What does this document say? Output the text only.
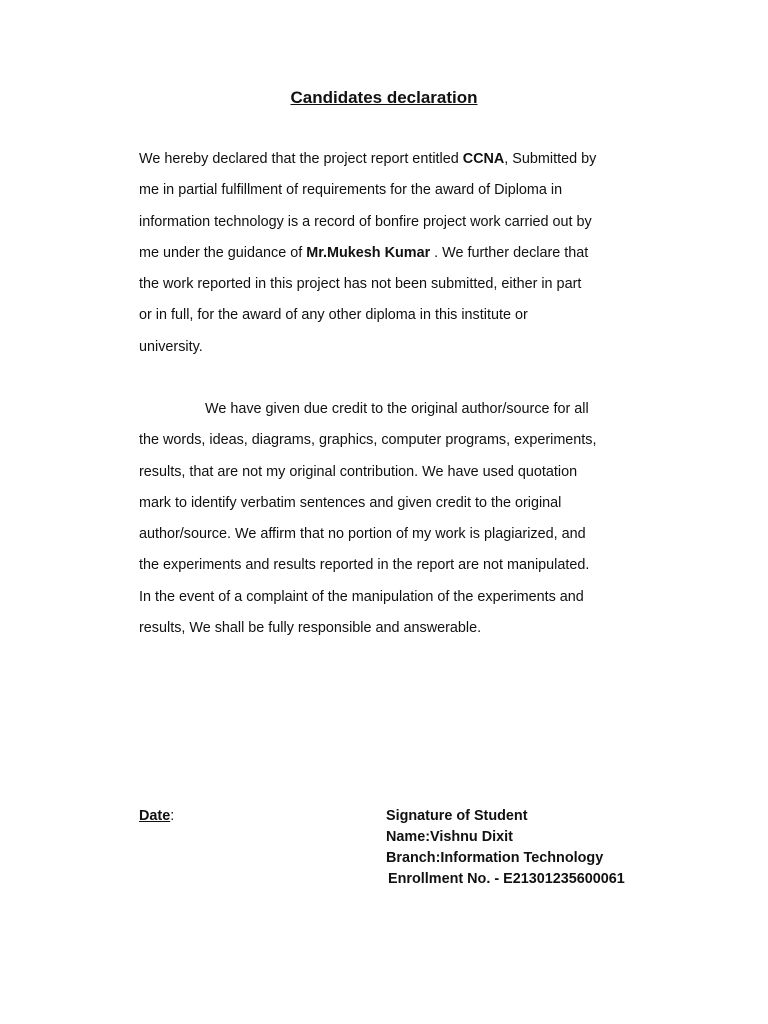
Candidates declaration
We hereby declared that the project report entitled CCNA, Submitted by
me in partial fulfillment of requirements for the award of Diploma in
information technology is a record of bonfire project work carried out by
me under the guidance of Mr.Mukesh Kumar . We further declare that
the work reported in this project has not been submitted, either in part
or in full, for the award of any other diploma in this institute or
university.
We have given due credit to the original author/source for all
the words, ideas, diagrams, graphics, computer programs, experiments,
results, that are not my original contribution. We have used quotation
mark to identify verbatim sentences and given credit to the original
author/source. We affirm that no portion of my work is plagiarized, and
the experiments and results reported in the report are not manipulated.
In the event of a complaint of the manipulation of the experiments and
results, We shall be fully responsible and answerable.
Date:	Signature of Student
Name:Vishnu Dixit
Branch:Information Technology
Enrollment No. - E21301235600061
